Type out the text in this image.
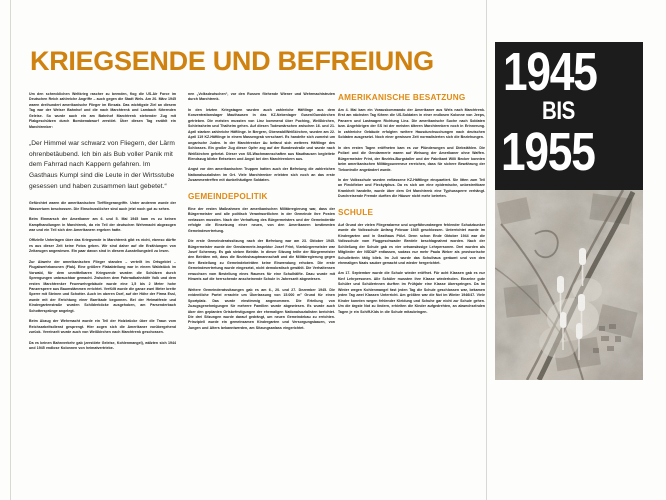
KRIEGSENDE UND BEFREIUNG

Um den schrecklichen Weltkrieg rascher zu beenden, flog die US-Air Force im Deutschen Reich zahlreiche Angriffe – auch gegen die Stadt Wels. Am 20. März 1945 waren dreihundert amerikanische Flieger im Einsatz. Das wichtigste Ziel an diesem Tag war der Welser Bahnhof und die nach Marchtrenk und Lambach führenden Geleise. So wurde auch ein am Bahnhof Marchtrenk stehender Zug mit Flakgeschützen durch Bombenabwurf zerstört. Über diesen Tag erzählt ein Marchtrenker:

„Der Himmel war schwarz von Fliegern, der Lärm ohrenbetäubend. Ich bin als Bub voller Panik mit dem Fahrrad nach Kappern gefahren. Im Gasthaus Kumpl sind die Leute in der Wirtsstube gesessen und haben zusammen laut gebetet.“

Gefürchtet waren die amerikanischen Tieffliegerangriffe. Unter anderem wurde der Wasserturm beschossen. Die Einschusslöcher sind auch jetzt noch gut zu sehen.

Beim Einmarsch der Amerikaner am 6. und 5. Mai 1945 kam es zu keinen Kampfhandlungen in Marchtrenk, da ein Teil der deutschen Wehrmacht abgezogen war und ein Teil sich den Amerikanern ergeben hatte.

Offizielle Unterlagen über das Kriegsende in Marchtrenk gibt es nicht, ebenso dürfte es aus dieser Zeit keine Fotos geben. Wir sind daher auf die Erzählungen von Zeitzeugen angewiesen. Ein paar davon sind in diesem Ausstellungsteil zu lesen.

Zur Abwehr der amerikanischen Flieger standen – verteilt im Ortsgebiet – Flugabwehrkanonen (Flak). Eine größere Flakabteilung war in einem Waldstück im Vorwald, für dem unmittelbaren Kriegsende wurden die Schützen durch Sprengungen unbrauchbar gemacht. Zwischen dem Fahrradbahnhöfe Volk und dem ersten Marchtrenker Feuerwehrgebäude wurde eine 1,5 bis 2 Meter hohe Panzersperre aus Baumstämmen errichtet. Verfüllt wurde die ganze zwei Meter breite Sperre mit Steinen und Schotter. Auch im oberen Dorf, auf der Höhe der Firma Essl, wurde mit der Errichtung einer Barrikade begonnen. Bei der Heimatfeste und Kindergartenstraße wurden Schilderböcke ausgehoben, am Parsenderbach Schottersprünge angelegt.

Beim Abzug der Wehrmacht wurde ein Teil der Holzbrücke über die Traun vom Reichsarbeitsdienst gesprengt. Hier zogen sich die Amerikaner vorübergehend zurück. Vereinzelt wurde auch von Weißkirchen nach Marchtrenk geschossen.

Da es keinen Bahnverkehr gab (zerstörte Geleise, Kohlenmangel), wälzten sich 1944 und 1945 endlose Kolonnen von heimatvertriebe-

nen „Volksdeutschen“, vor den Russen fliehende Wiener und Wehrmachtstruten durch Marchtrenk.

In den letzten Kriegstagen wurden auch zahlreiche Häftlinge aus dem Konzentrationslager Mauthausen in das KZ-Nebenlager Gusen/Gunskirchen getrieben. Die meisten mussten von Linz kommend über Puching, Weißkirchen, Schleissheim und Thalheim gehen. Auf diesen Todesmärschen zwischen 16. und 21. April starben zahlreiche Häftlinge. In Bergern, Oberwald/Weißkirchen, wurden am 22. April 119 KZ-Häftlinge in einem Massengrab verscharrt. Es handelte sich zumeist um ungarische Juden. In der Marchtrenker Au befand sich weiteres Häftlinge des Schlosses. Ein großer Zug dieser Opfer zog auf der Bundesstraße und wurde nach Weißkirchen gehetzt. Dieser von SS-Wachmannschaften aus Mauthausen begleitete Elendszug bliebe Entsetzen und Angst bei den Marchtrenkern aus.

Angst vor den amerikanischen Truppen hatten auch der Befreiung die zahlreichen Nationalsozialisten im Ort. Viele Marchtrenker erlebten sich noch an das erste Zusammentreffen mit dunkelhäutigen Soldaten.

GEMEINDEPOLITIK

Eine der ersten Maßnahmen der amerikanischen Militärregierung war, dass der Bürgermeister und alle politisch Verantwortlichen in der Gemeinde ihre Posten verlassen mussten. Nach der Verhaftung des Bürgermeisters und der Gemeinderäte erfolgte die Einsetzung einer neuen, von den Amerikanern bestimmten Gemeindevertretung.

Die erste Gemeinderatssitzung nach der Befreiung war am 23. Oktober 1945. Bürgermeister wurde der Gendarmerie-Inspektor Josef Frint, Vizebürgermeister war Josef Schermay. Es gab sieben Beiräte. In dieser Sitzung teilte der Bürgermeister den Beiräten mit, dass die Bezirkshauptmannschaft und die Militärregierung gegen ihre Bestellung zu Gemeindebeiräten keine Einwendung erhoben. Die erste Gemeindevertretung wurde eingesetzt, nicht demokratisch gewählt. Die Verhaltensen erwuchsen vom Bestellung eines Raumes für eine Schulhälfte. Dazu wurde mit Hinweis auf die herrschende anscheinende Schule in Jahreszeit abgewiesen.

Weitere Gemeinderatssitzungen gab es am 6., 20. und 27. Dezember 1945. Die evidentliche Partei errachte um Überlassung von 15.000 m² Grund für einen Sportplatz. Das wurde einstimmig angenommen. Die Erteilung von Zuzugsgenehmigungen für mehrere Familien wurde abgewiesen. Es wurde auch über den geplanten Ortsbefestigungen der ehemaligen Nationalsozialisten berichtet. Die drei Sitzungen wurde darauf gedrängt, um neuen Gemeindebau zu errichten. Prinzipiell wurde ein gemeinsamen Kindergarten und Versorgungsbauen, von Jungen und Alters bekanntwerden, am Sitzungsanlass eingerichtet.

AMERIKANISCHE BESATZUNG

Am 4. Mai kam ein Vorauskommando der Amerikaner aus Wels nach Marchtrenk. Erst am nächsten Tag führen die US-Soldaten in einer endlosen Kolonne von Jeeps, Panzern und Lastwagen Richtung Linz. Die amerikanische Suche nach Soldaten bzw. Angehörigen der SS ist der meisten älteren Marchtrenkern noch in Erinnerung. In zahlreiche Gebäude erfolgten weitere Hausdurchsuchungen nach deutschen Soldaten ausgesetzt. Noch einer gewissen Zeit normalisierten sich die Beziehungen.

In den ersten Tagen eröffneten kam es zur Plünderungen und Diebstählen. Die Polizei und die Gendarmerie waren auf Weisung der Amerikaner ohne Waffen. Bürgermeister Frint, der Bezirks-Burgstaller und der Fabrikant Willi Becker konnten beim amerikanischen Militärgouverneur erreichen, dass für sichere Bewährung der Tiekontrolle angeändert wurde.

In der Volksschule wurden entlassene KZ-Häftlinge einquartiert. Sie litten zum Teil an Fleckfieber und Fleckytphus. Da es sich um eine epidemische, unbestreitbare Krankheit handelte, wurde über dem Ort Marchtrenk eine Typhussperre verhängt. Durchreisende Fremde durften die Häuser nicht mehr betreten.

SCHULE

Auf Grund der vielen Fliegeralarme und ungefährundwegen fehlender Schutzbunker wurde die Volksschule Anfang Februar 1945 geschlossen. Unterrichtet wurde im Kindergarten und in Gasthaus Pölzl. Denn schon Ende Oktober 1944 war die Volksschule vom Fluggeschwader Bredele beschlagnahmt worden. Nach der Schließung der Schule gab es vier ortsansässige Lehrpersonen. Drei wurden als Mitglieder der NSDAP entlassen, sodass nur mehr Paula Weber als provisorische Schulleiterin tätig blieb. Im Juli wurde das Schulhaus geräumt und von den ehemaligen Nazis sauber gemacht und wieder hergerichtet.

Am 17. September wurde die Schule wieder eröffnet. Für acht Klassen gab es nur fünf Lehrpersonen. Alle Schüler mussten ihre Klasse wiederholen. Einzelne gute Schüler und Schülerinnen durften im Frühjahr eine Klasse überspringen. Da im Winter wegen Kohlenmangel fast jeden Tag die Schule geschlossen war, bekamen jeden Tag zwei Klassen Unterricht. Am größten war die Not im Winter 1946/47. Viele Kinder konnten wegen fehlender Kleidung und Schuhe gar nicht zur Schule gehen. Um die ärgste Not zu lindern, erhielten die Kinder aufgedrehten, an abwechselnden Tagen je ein Schiff-Kids in die Schule mitzubringen.

1945
BIS
1955
